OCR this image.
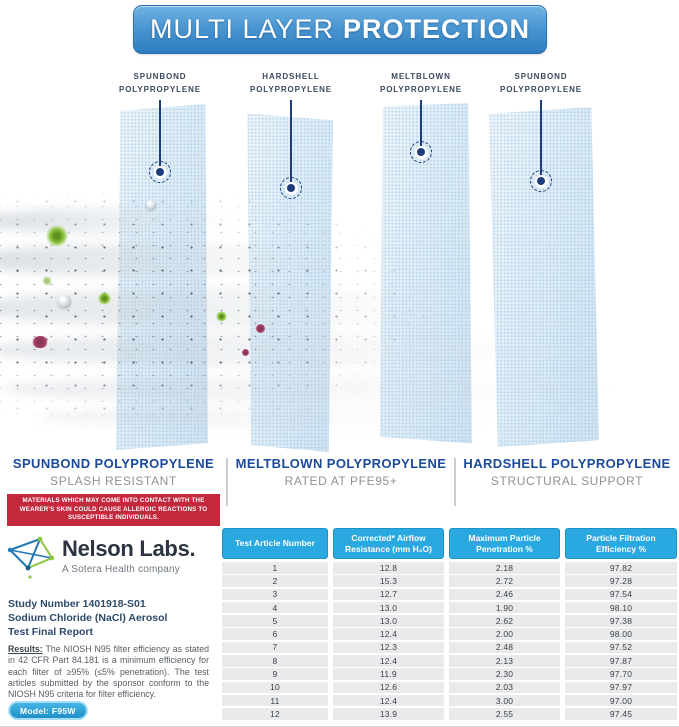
MULTI LAYER PROTECTION
SPUNBOND
POLYPROPYLENE
HARDSHELL
POLYPROPYLENE
MELTBLOWN
POLYPROPYLENE
SPUNBOND
POLYPROPYLENE
SPUNBOND POLYPROPYLENE
SPLASH RESISTANT
MATERIALS WHICH MAY COME INTO CONTACT WITH THE WEARER'S SKIN COULD CAUSE ALLERGIC REACTIONS TO SUSCEPTIBLE INDIVIDUALS.
MELTBLOWN POLYPROPYLENE
RATED AT PFE95+
HARDSHELL POLYPROPYLENE
STRUCTURAL SUPPORT
Nelson Labs.
A Sotera Health company
Study Number 1401918-S01
Sodium Chloride (NaCl) Aerosol
Test Final Report
Results: The NIOSH N95 filter efficiency as stated in 42 CFR Part 84.181 is a minimum efficiency for each filter of ≥95% (≤5% penetration). The test articles submitted by the sponsor conform to the NIOSH N95 criteria for filter efficiency.
Model: F95W
Test Article Number
Corrected* Airflow Resistance (mm H₂O)
Maximum Particle Penetration %
Particle Filtration Efficiency %
1	12.8	2.18	97.82
2	15.3	2.72	97.28
3	12.7	2.46	97.54
4	13.0	1.90	98.10
5	13.0	2.62	97.38
6	12.4	2.00	98.00
7	12.3	2.48	97.52
8	12.4	2.13	97.87
9	11.9	2.30	97.70
10	12.6	2.03	97.97
11	12.4	3.00	97.00
12	13.9	2.55	97.45
